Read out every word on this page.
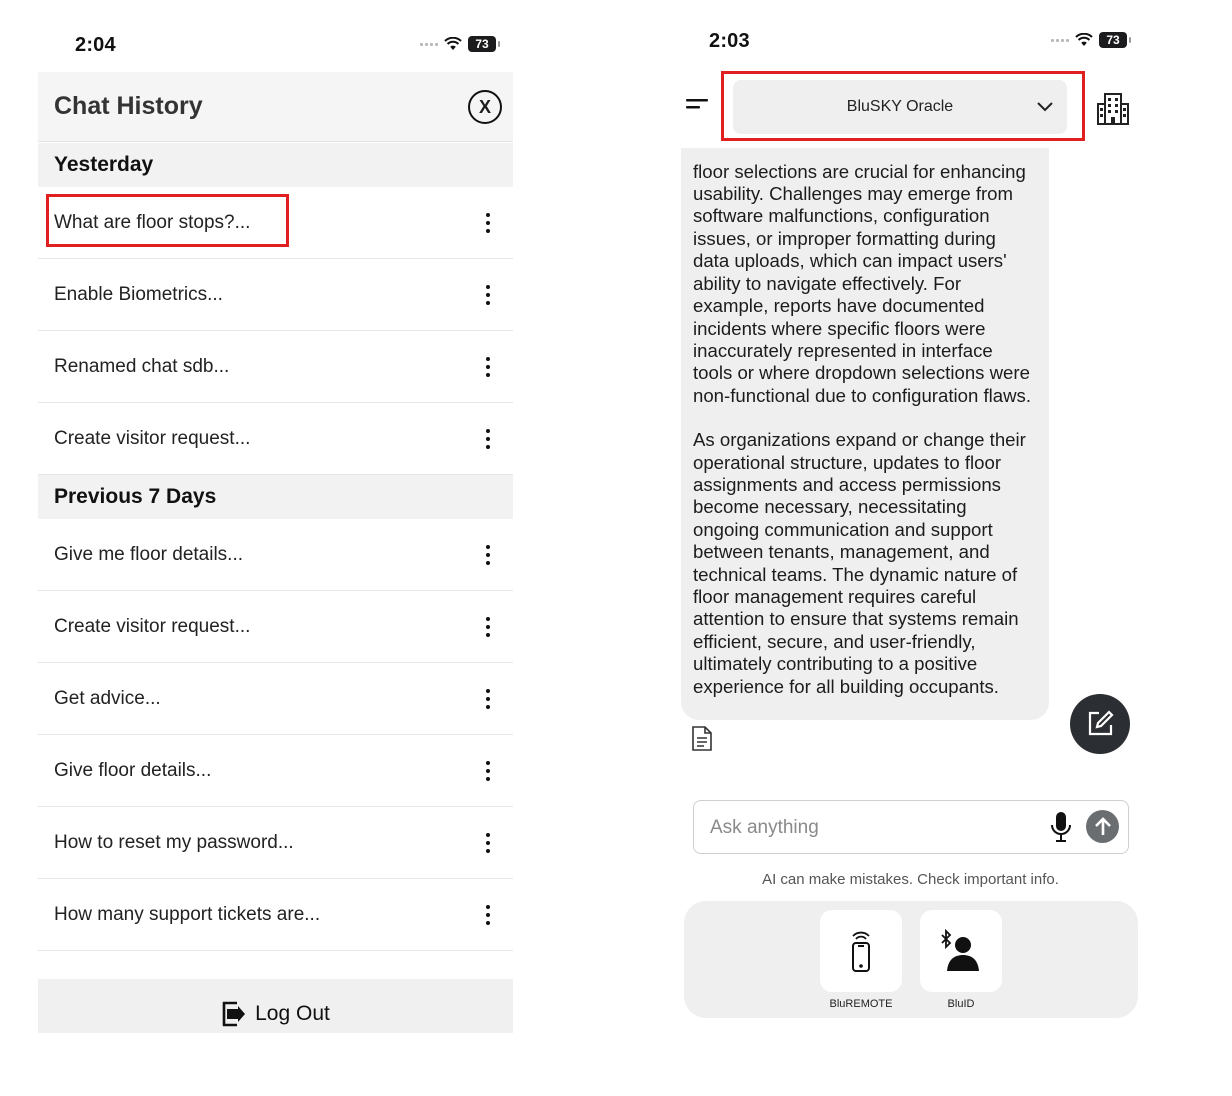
2:04	73
Chat History	X
Yesterday
What are floor stops?...
Enable Biometrics...
Renamed chat sdb...
Create visitor request...
Previous 7 Days
Give me floor details...
Create visitor request...
Get advice...
Give floor details...
How to reset my password...
How many support tickets are...
Log Out
2:03	73
BluSKY Oracle

floor selections are crucial for enhancing usability. Challenges may emerge from software malfunctions, configuration issues, or improper formatting during data uploads, which can impact users' ability to navigate effectively. For example, reports have documented incidents where specific floors were inaccurately represented in interface tools or where dropdown selections were non-functional due to configuration flaws.

As organizations expand or change their operational structure, updates to floor assignments and access permissions become necessary, necessitating ongoing communication and support between tenants, management, and technical teams. The dynamic nature of floor management requires careful attention to ensure that systems remain efficient, secure, and user-friendly, ultimately contributing to a positive experience for all building occupants.

Ask anything
AI can make mistakes. Check important info.
BluREMOTE	BluID
